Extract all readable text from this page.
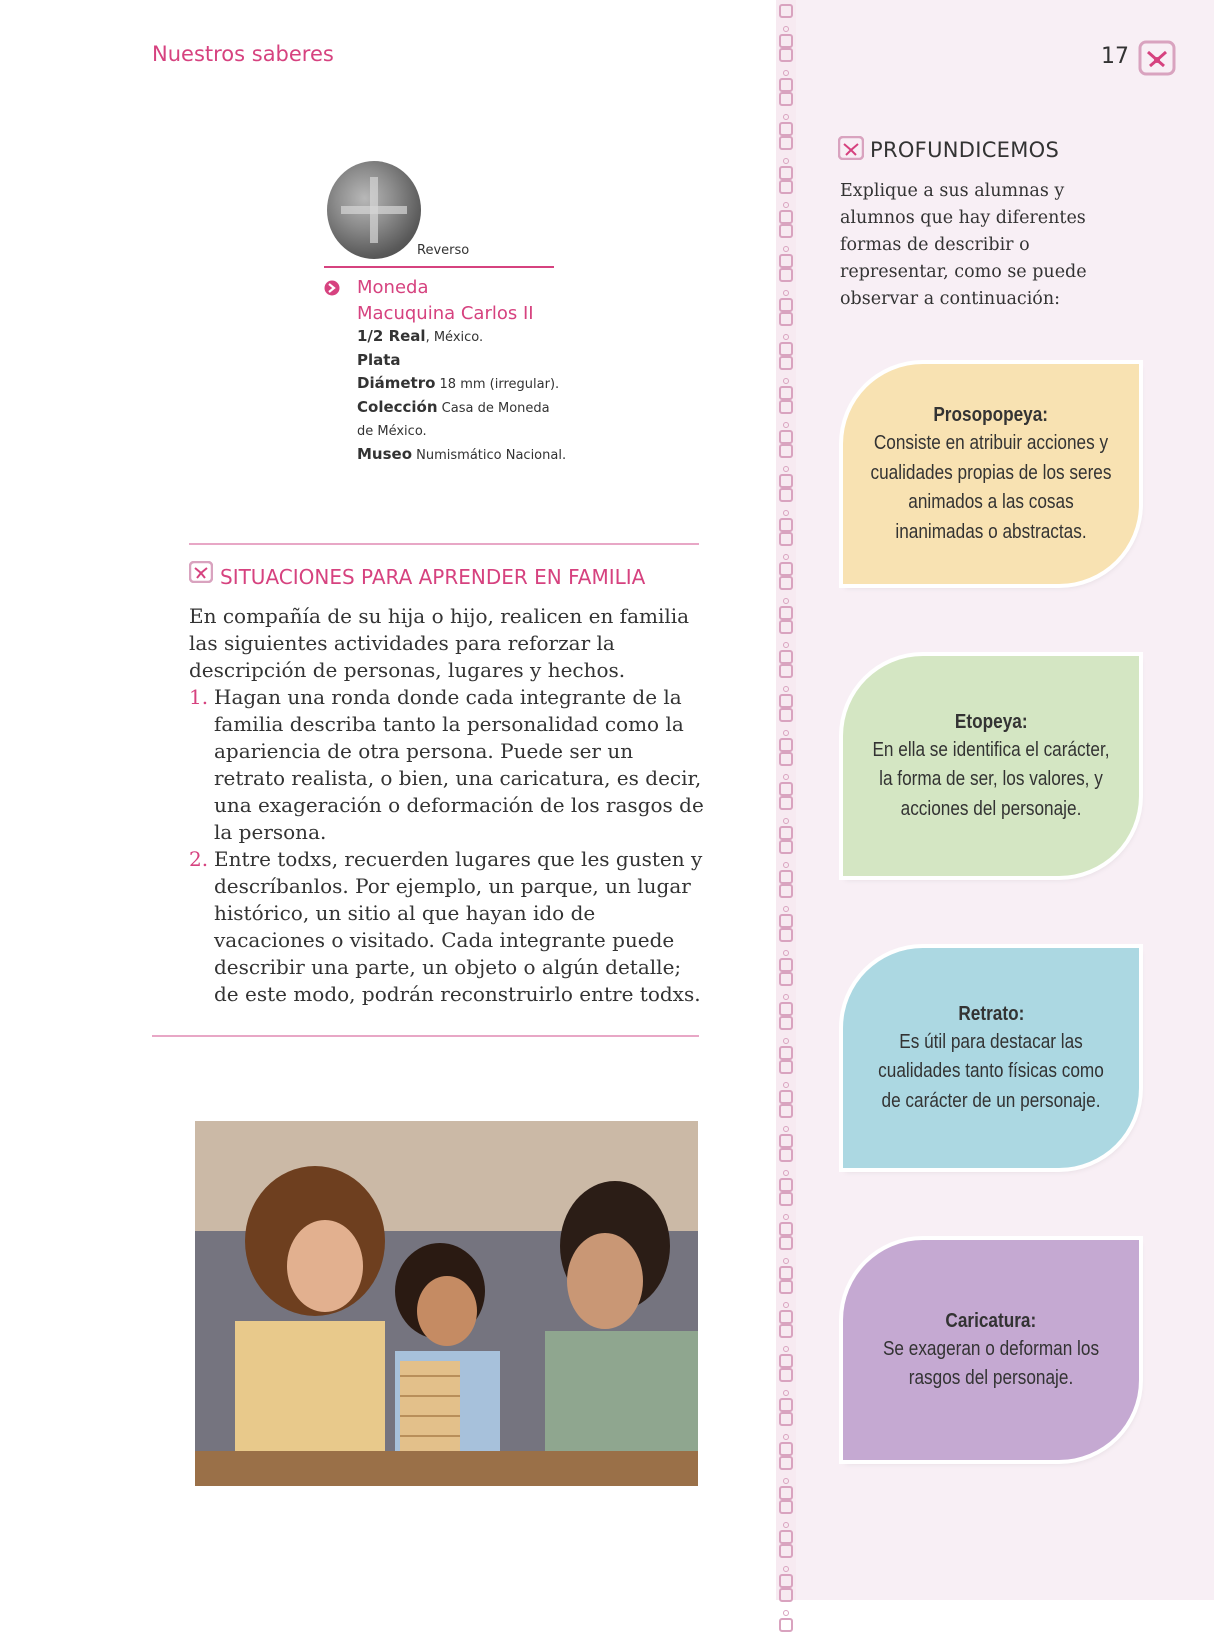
Nuestros saberes	17
PROFUNDICEMOS
Explique a sus alumnas y alumnos que hay diferentes formas de describir o representar, como se puede observar a continuación:
Prosopopeya:
Consiste en atribuir acciones y cualidades propias de los seres animados a las cosas inanimadas o abstractas.
Etopeya:
En ella se identifica el carácter, la forma de ser, los valores, y acciones del personaje.
Retrato:
Es útil para destacar las cualidades tanto físicas como de carácter de un personaje.
Caricatura:
Se exageran o deforman los rasgos del personaje.
Reverso
Moneda
Macuquina Carlos II
1/2 Real, México.
Plata
Diámetro 18 mm (irregular).
Colección Casa de Moneda de México.
Museo Numismático Nacional.
SITUACIONES PARA APRENDER EN FAMILIA
En compañía de su hija o hijo, realicen en familia las siguientes actividades para reforzar la descripción de personas, lugares y hechos.

1. Hagan una ronda donde cada integrante de la familia describa tanto la personalidad como la apariencia de otra persona. Puede ser un retrato realista, o bien, una caricatura, es decir, una exageración o deformación de los rasgos de la persona.

2. Entre todxs, recuerden lugares que les gusten y descríbanlos. Por ejemplo, un parque, un lugar histórico, un sitio al que hayan ido de vacaciones o visitado. Cada integrante puede describir una parte, un objeto o algún detalle; de este modo, podrán reconstruirlo entre todxs.
